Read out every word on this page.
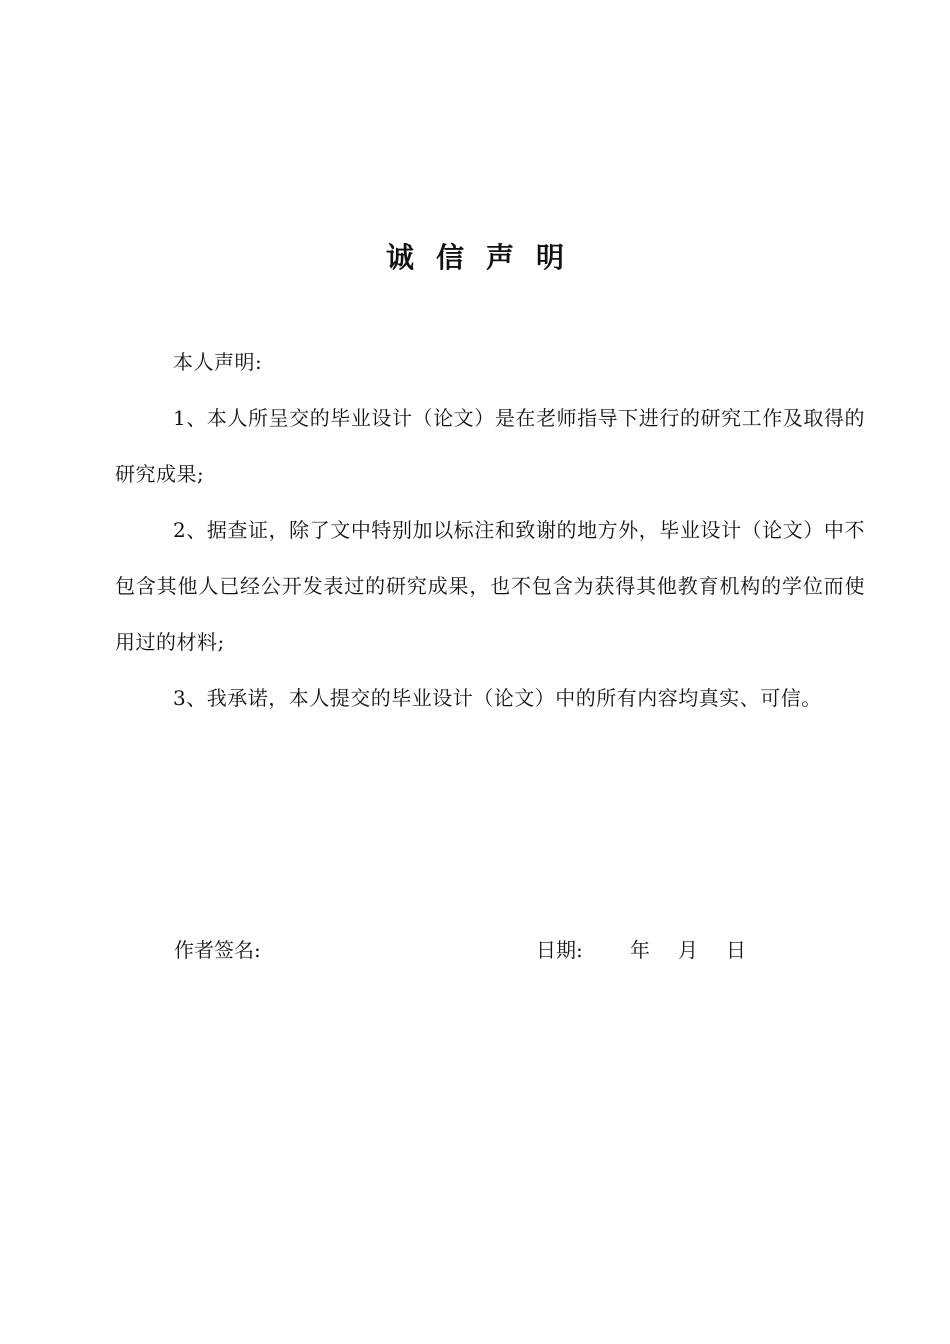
诚信声明

本人声明:

1、本人所呈交的毕业设计（论文）是在老师指导下进行的研究工作及取得的研究成果;

2、据查证，除了文中特别加以标注和致谢的地方外，毕业设计（论文）中不包含其他人已经公开发表过的研究成果，也不包含为获得其他教育机构的学位而使用过的材料;

3、我承诺，本人提交的毕业设计（论文）中的所有内容均真实、可信。

作者签名:	日期: 年 月 日
